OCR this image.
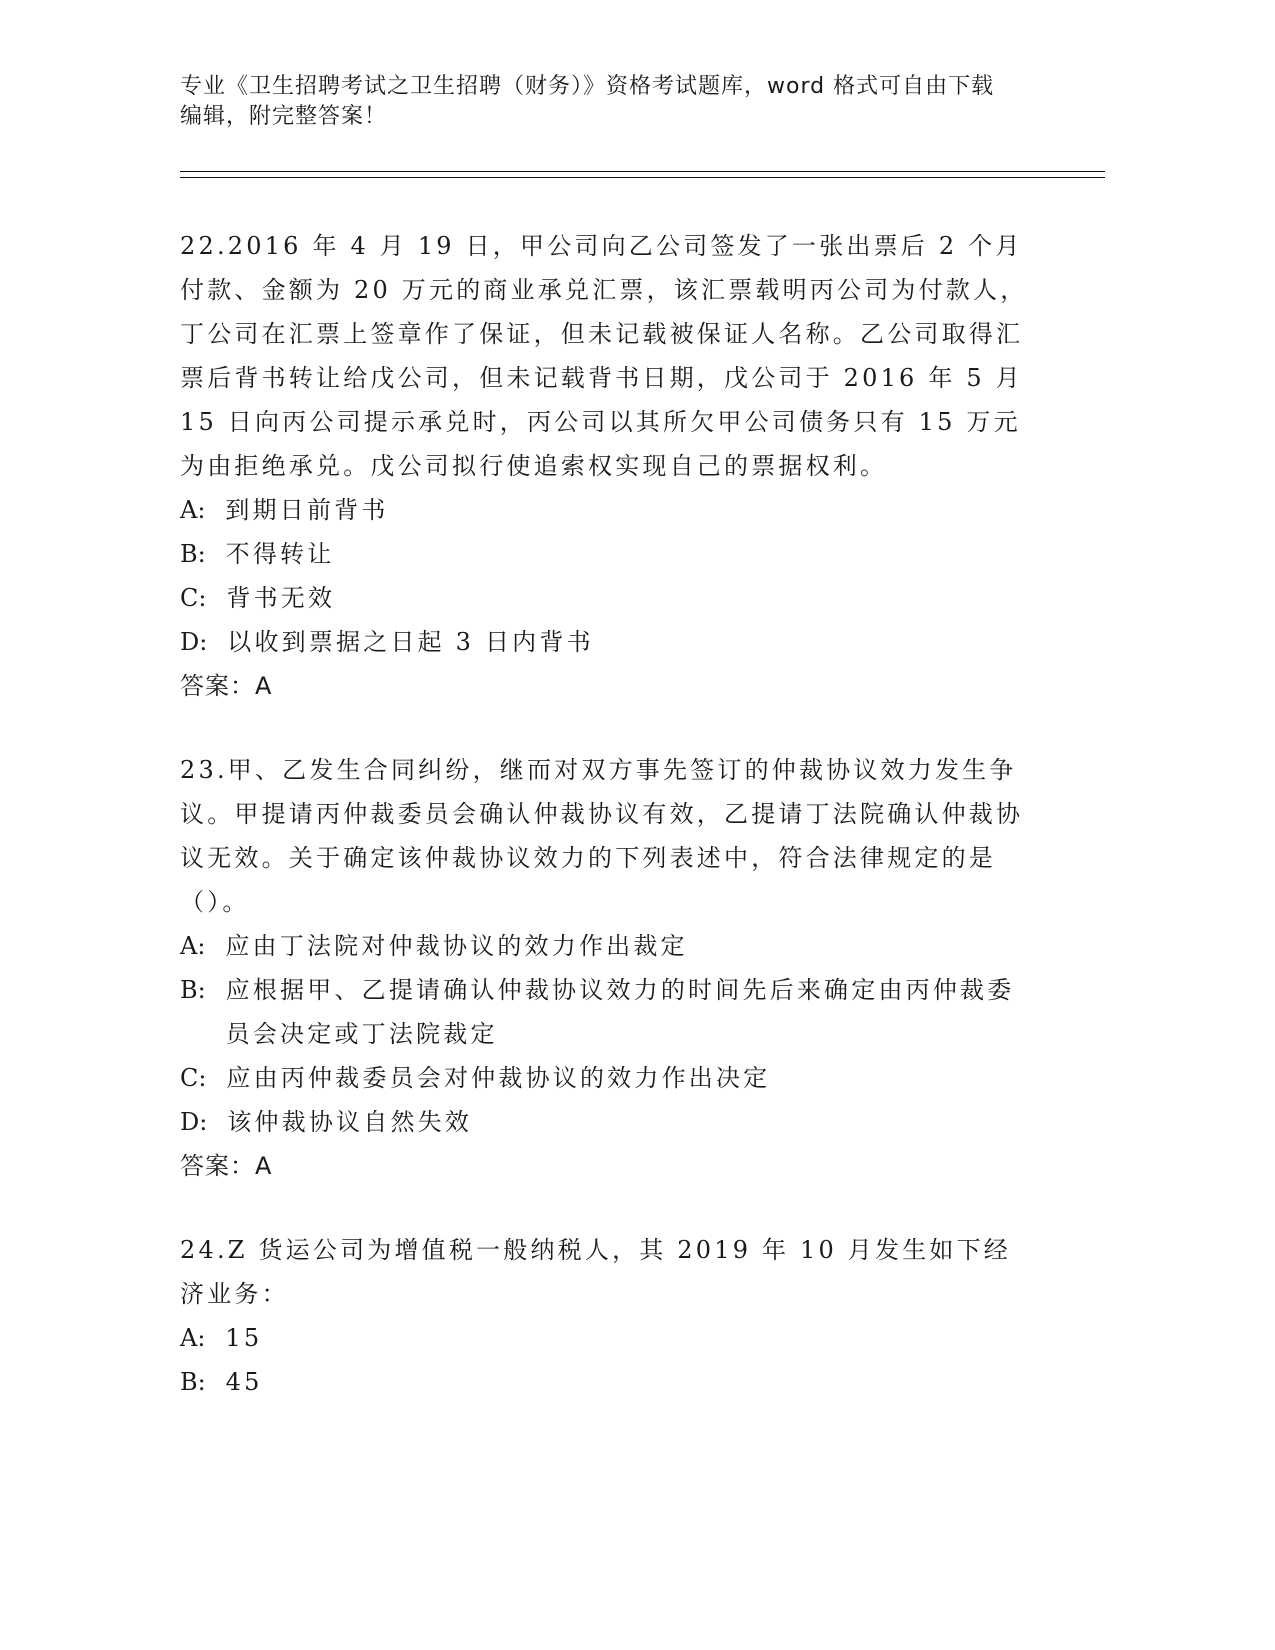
专业《卫生招聘考试之卫生招聘（财务）》资格考试题库，word 格式可自由下载
编辑，附完整答案！

22.2016 年 4 月 19 日，甲公司向乙公司签发了一张出票后 2 个月付款、金额为 20 万元的商业承兑汇票，该汇票载明丙公司为付款人，丁公司在汇票上签章作了保证，但未记载被保证人名称。乙公司取得汇票后背书转让给戊公司，但未记载背书日期，戊公司于 2016 年 5 月 15 日向丙公司提示承兑时，丙公司以其所欠甲公司债务只有 15 万元为由拒绝承兑。戊公司拟行使追索权实现自己的票据权利。

A : 到期日前背书
B : 不得转让
C : 背书无效
D : 以收到票据之日起 3 日内背书
答案：A

23.甲、乙发生合同纠纷，继而对双方事先签订的仲裁协议效力发生争议。甲提请丙仲裁委员会确认仲裁协议有效，乙提请丁法院确认仲裁协议无效。关于确定该仲裁协议效力的下列表述中，符合法律规定的是（）。

A : 应由丁法院对仲裁协议的效力作出裁定
B : 应根据甲、乙提请确认仲裁协议效力的时间先后来确定由丙仲裁委员会决定或丁法院裁定
C : 应由丙仲裁委员会对仲裁协议的效力作出决定
D : 该仲裁协议自然失效
答案：A

24.Z 货运公司为增值税一般纳税人，其 2019 年 10 月发生如下经济业务：

A : 15
B : 45
